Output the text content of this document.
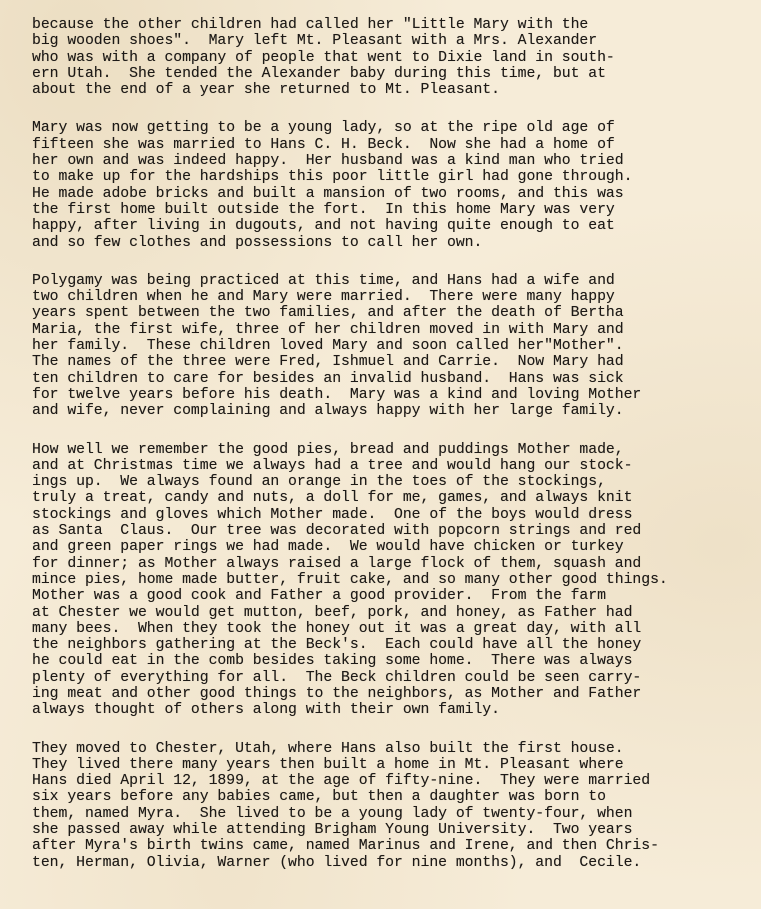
because the other children had called her "Little Mary with the
big wooden shoes".  Mary left Mt. Pleasant with a Mrs. Alexander
who was with a company of people that went to Dixie land in south-
ern Utah.  She tended the Alexander baby during this time, but at
about the end of a year she returned to Mt. Pleasant.
Mary was now getting to be a young lady, so at the ripe old age of
fifteen she was married to Hans C. H. Beck.  Now she had a home of
her own and was indeed happy.  Her husband was a kind man who tried
to make up for the hardships this poor little girl had gone through.
He made adobe bricks and built a mansion of two rooms, and this was
the first home built outside the fort.  In this home Mary was very
happy, after living in dugouts, and not having quite enough to eat
and so few clothes and possessions to call her own.
Polygamy was being practiced at this time, and Hans had a wife and
two children when he and Mary were married.  There were many happy
years spent between the two families, and after the death of Bertha
Maria, the first wife, three of her children moved in with Mary and
her family.  These children loved Mary and soon called her"Mother".
The names of the three were Fred, Ishmuel and Carrie.  Now Mary had
ten children to care for besides an invalid husband.  Hans was sick
for twelve years before his death.  Mary was a kind and loving Mother
and wife, never complaining and always happy with her large family.
How well we remember the good pies, bread and puddings Mother made,
and at Christmas time we always had a tree and would hang our stock-
ings up.  We always found an orange in the toes of the stockings,
truly a treat, candy and nuts, a doll for me, games, and always knit
stockings and gloves which Mother made.  One of the boys would dress
as Santa  Claus.  Our tree was decorated with popcorn strings and red
and green paper rings we had made.  We would have chicken or turkey
for dinner; as Mother always raised a large flock of them, squash and
mince pies, home made butter, fruit cake, and so many other good things.
Mother was a good cook and Father a good provider.  From the farm
at Chester we would get mutton, beef, pork, and honey, as Father had
many bees.  When they took the honey out it was a great day, with all
the neighbors gathering at the Beck's.  Each could have all the honey
he could eat in the comb besides taking some home.  There was always
plenty of everything for all.  The Beck children could be seen carry-
ing meat and other good things to the neighbors, as Mother and Father
always thought of others along with their own family.
They moved to Chester, Utah, where Hans also built the first house.
They lived there many years then built a home in Mt. Pleasant where
Hans died April 12, 1899, at the age of fifty-nine.  They were married
six years before any babies came, but then a daughter was born to
them, named Myra.  She lived to be a young lady of twenty-four, when
she passed away while attending Brigham Young University.  Two years
after Myra's birth twins came, named Marinus and Irene, and then Chris-
ten, Herman, Olivia, Warner (who lived for nine months), and  Cecile.
